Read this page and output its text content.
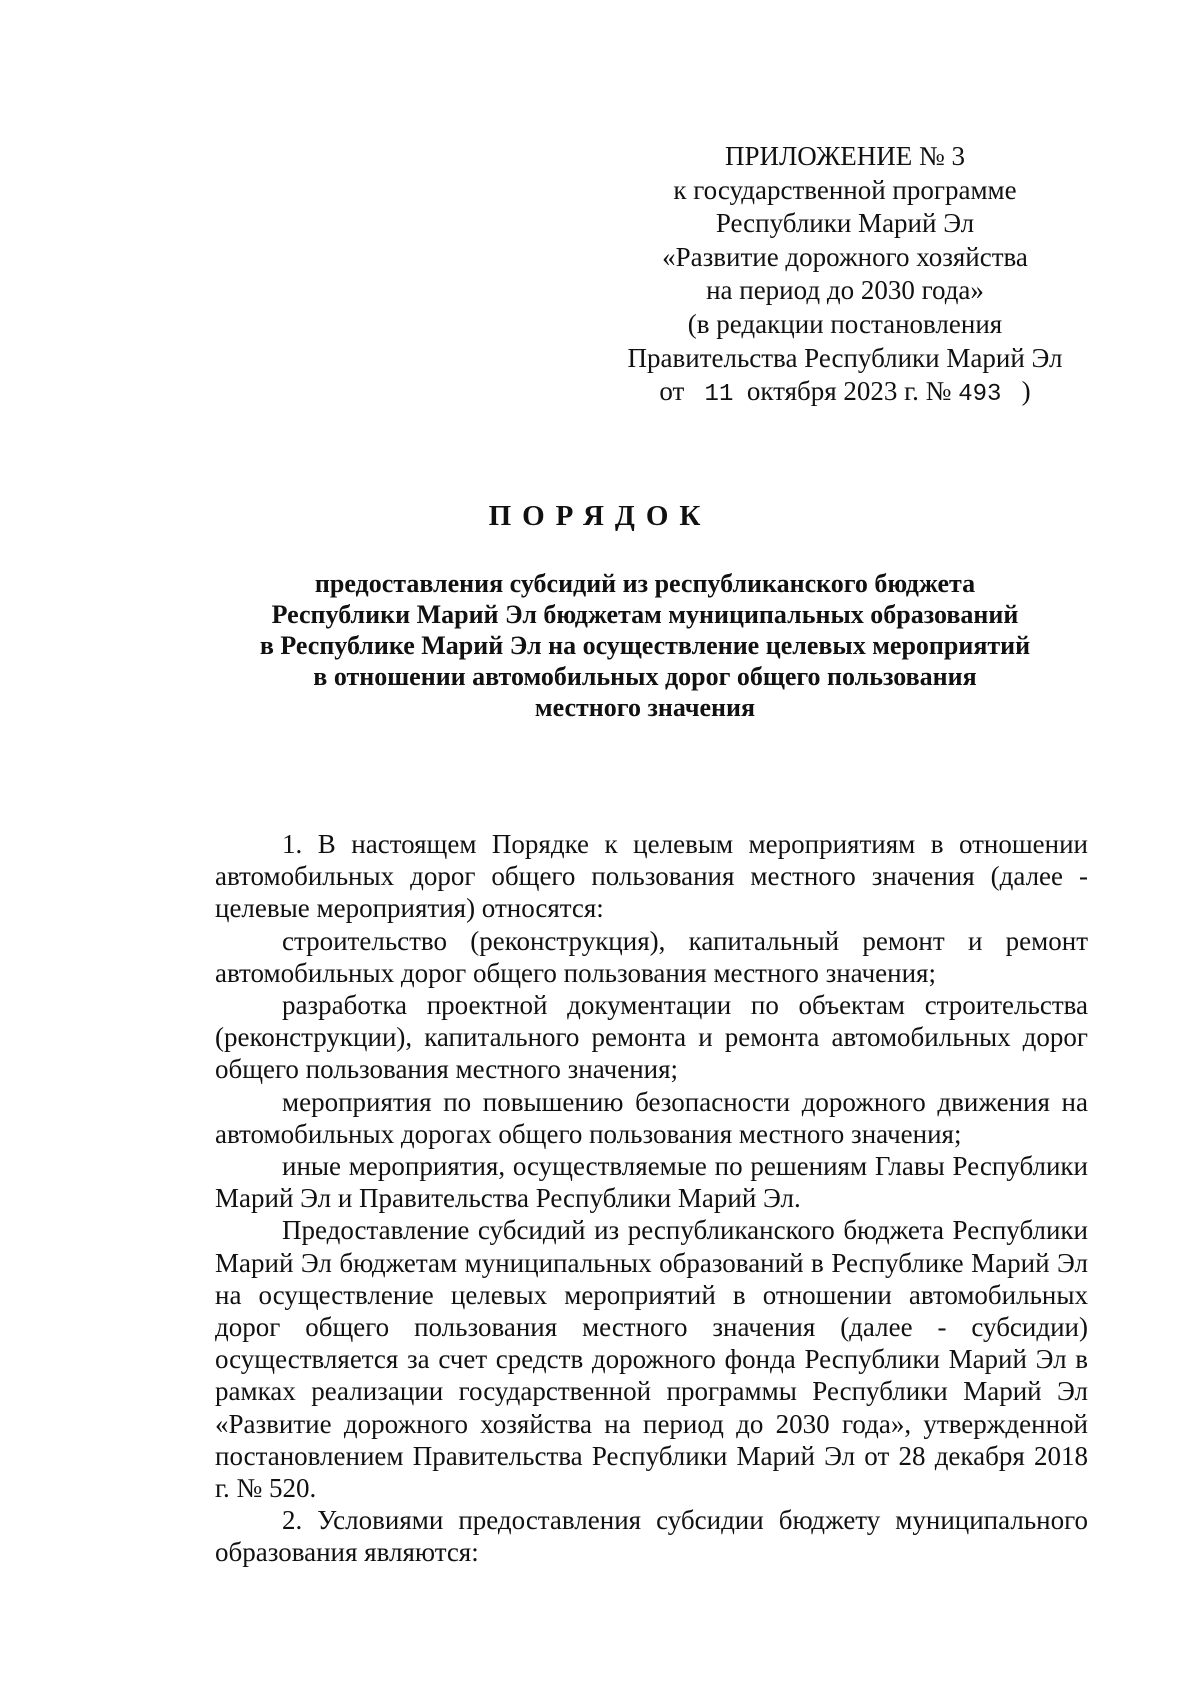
ПРИЛОЖЕНИЕ № 3
к государственной программе
Республики Марий Эл
«Развитие дорожного хозяйства
на период до 2030 года»
(в редакции постановления
Правительства Республики Марий Эл
от 11 октября 2023 г. № 493 )
ПОРЯДОК
предоставления субсидий из республиканского бюджета
Республики Марий Эл бюджетам муниципальных образований
в Республике Марий Эл на осуществление целевых мероприятий
в отношении автомобильных дорог общего пользования
местного значения

1. В настоящем Порядке к целевым мероприятиям в отношении автомобильных дорог общего пользования местного значения (далее - целевые мероприятия) относятся:

строительство (реконструкция), капитальный ремонт и ремонт автомобильных дорог общего пользования местного значения;

разработка проектной документации по объектам строительства (реконструкции), капитального ремонта и ремонта автомобильных дорог общего пользования местного значения;

мероприятия по повышению безопасности дорожного движения на автомобильных дорогах общего пользования местного значения;

иные мероприятия, осуществляемые по решениям Главы Республики Марий Эл и Правительства Республики Марий Эл.

Предоставление субсидий из республиканского бюджета Республики Марий Эл бюджетам муниципальных образований в Республике Марий Эл на осуществление целевых мероприятий в отношении автомобильных дорог общего пользования местного значения (далее - субсидии) осуществляется за счет средств дорожного фонда Республики Марий Эл в рамках реализации государственной программы Республики Марий Эл «Развитие дорожного хозяйства на период до 2030 года», утвержденной постановлением Правительства Республики Марий Эл от 28 декабря 2018 г. № 520.

2. Условиями предоставления субсидии бюджету муниципального образования являются:
